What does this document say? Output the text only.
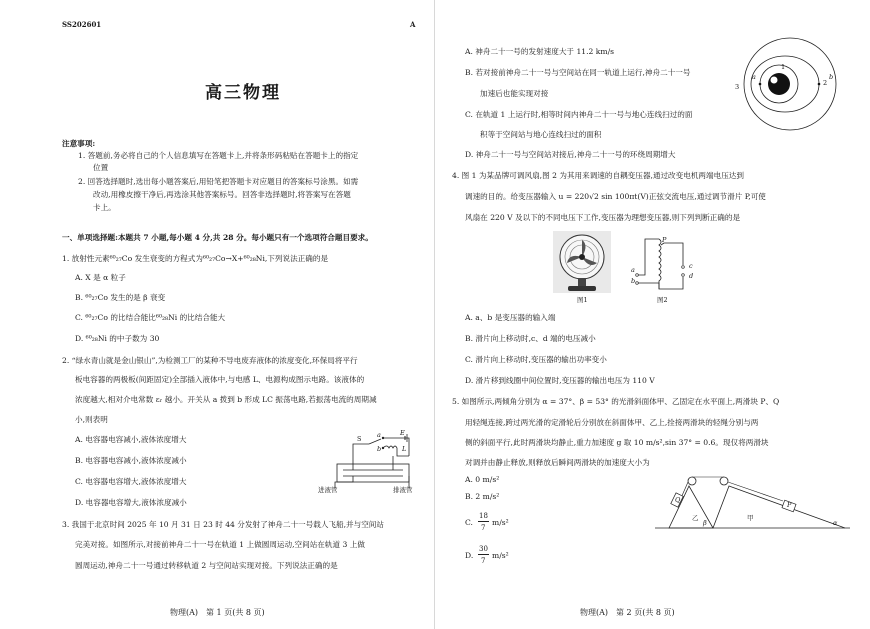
SS202601	A
高三物理
注意事项:
1. 答题前,务必将自己的个人信息填写在答题卡上,并将条形码粘贴在答题卡上的指定
位置
2. 回答选择题时,选出每小题答案后,用铅笔把答题卡对应题目的答案标号涂黑。如需
改动,用橡皮擦干净后,再选涂其他答案标号。回答非选择题时,将答案写在答题
卡上。
一、单项选择题:本题共 7 小题,每小题 4 分,共 28 分。每小题只有一个选项符合题目要求。
1. 放射性元素⁶⁰₂₇Co 发生衰变的方程式为⁶⁰₂₇Co→X+⁶⁰₂₈Ni,下列说法正确的是
A. X 是 α 粒子
B. ⁶⁰₂₇Co 发生的是 β 衰变
C. ⁶⁰₂₇Co 的比结合能比⁶⁰₂₈Ni 的比结合能大
D. ⁶⁰₂₈Ni 的中子数为 30
2. “绿水青山就是金山银山”,为检测工厂的某种不导电废弃液体的浓度变化,环保局将平行
板电容器的两极板(间距固定)全部插入液体中,与电感 L、电源构成图示电路。该液体的
浓度越大,相对介电常数 εᵣ 越小。开关从 a 拨到 b 形成 LC 振荡电路,若振荡电流的周期减
小,则表明
A. 电容器电容减小,液体浓度增大
B. 电容器电容减小,液体浓度减小
C. 电容器电容增大,液体浓度增大
D. 电容器电容增大,液体浓度减小
S a
b
E
L
进液管	排液管
3. 我国于北京时间 2025 年 10 月 31 日 23 时 44 分发射了神舟二十一号载人飞船,并与空间站
完美对接。如图所示,对接前神舟二十一号在轨道 1 上做圆周运动,空间站在轨道 3 上做
圆周运动,神舟二十一号通过转移轨道 2 与空间站实现对接。下列说法正确的是
物理(A)　第 1 页(共 8 页)
A. 神舟二十一号的发射速度大于 11.2 km/s
B. 若对接前神舟二十一号与空间站在同一轨道上运行,神舟二十一号
加速后也能实现对接
C. 在轨道 1 上运行时,相等时间内神舟二十一号与地心连线扫过的面
积等于空间站与地心连线扫过的面积
D. 神舟二十一号与空间站对接后,神舟二十一号的环绕周期增大
1
2
3
a	b
4. 图 1 为某品牌可调风扇,图 2 为其用来调速的自耦变压器,通过改变电机两端电压达到
调速的目的。给变压器输入 u = 220√2 sin 100πt(V)正弦交流电压,通过调节滑片 P,可使
风扇在 220 V 及以下的不同电压下工作,变压器为理想变压器,则下列判断正确的是
图1
P
a
b
c
d
图2
A. a、b 是变压器的输入端
B. 滑片向上移动时,c、d 端的电压减小
C. 滑片向上移动时,变压器的输出功率变小
D. 滑片移到线圈中间位置时,变压器的输出电压为 110 V
5. 如图所示,两倾角分别为 α = 37°、β = 53° 的光滑斜面体甲、乙固定在水平面上,两滑块 P、Q
用轻绳连接,跨过两光滑的定滑轮后分别放在斜面体甲、乙上,拴接两滑块的轻绳分别与两
侧的斜面平行,此时两滑块均静止,重力加速度 g 取 10 m/s²,sin 37° = 0.6。现仅将两滑块
对调并由静止释放,则释放后瞬间两滑块的加速度大小为
A. 0 m/s²
B. 2 m/s²
C.
18
7
m/s²
D.
30
7
m/s²
Q
P
乙	甲
β	α
物理(A)　第 2 页(共 8 页)
